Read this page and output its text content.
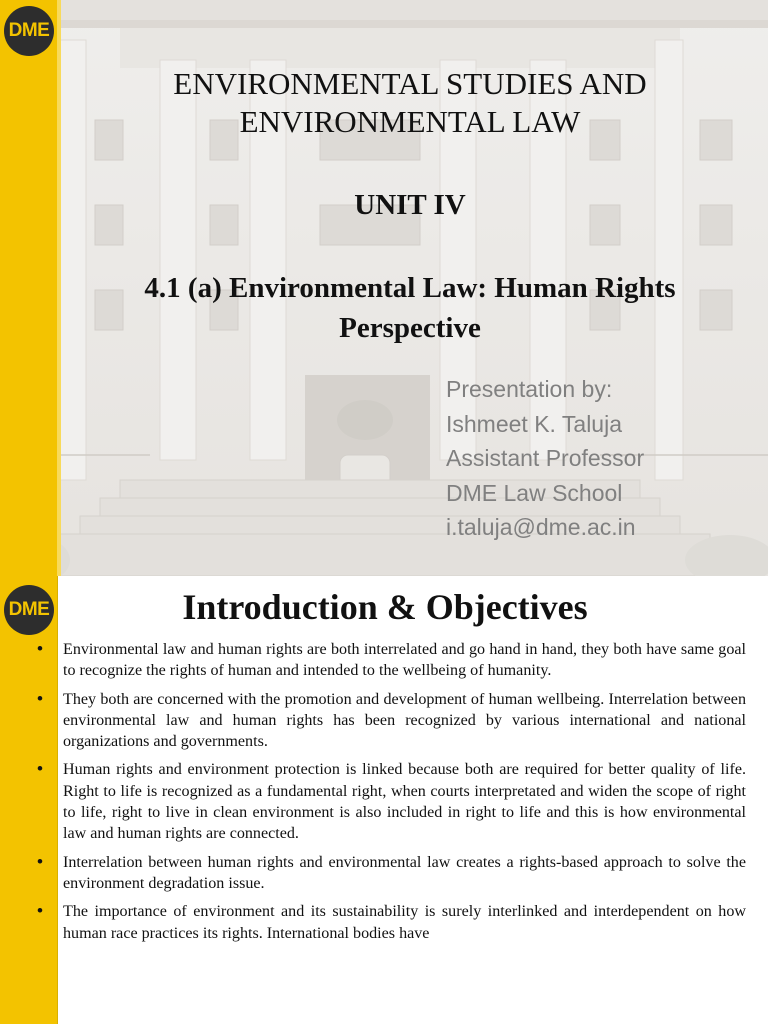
DME
ENVIRONMENTAL STUDIES AND
ENVIRONMENTAL LAW
UNIT IV
4.1 (a) Environmental Law: Human Rights
Perspective
Presentation by:
Ishmeet K. Taluja
Assistant Professor
DME Law School
i.taluja@dme.ac.in
DME	Introduction & Objectives
• Environmental law and human rights are both interrelated and go hand in hand, they both have same goal to recognize the rights of human and intended to the wellbeing of humanity.
• They both are concerned with the promotion and development of human wellbeing. Interrelation between environmental law and human rights has been recognized by various international and national organizations and governments.
• Human rights and environment protection is linked because both are required for better quality of life. Right to life is recognized as a fundamental right, when courts interpretated and widen the scope of right to life, right to live in clean environment is also included in right to life and this is how environmental law and human rights are connected.
• Interrelation between human rights and environmental law creates a rights-based approach to solve the environment degradation issue.
• The importance of environment and its sustainability is surely interlinked and interdependent on how human race practices its rights. International bodies have
